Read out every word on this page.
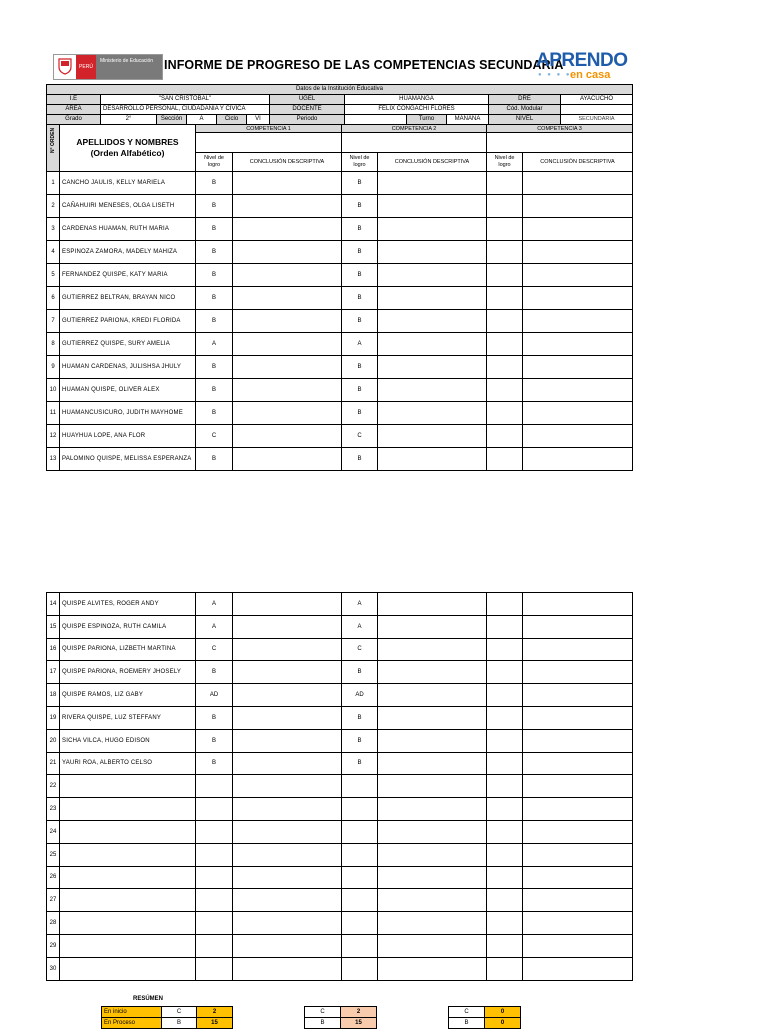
PERÚ
Ministerio de Educación INFORME DE PROGRESO DE LAS COMPETENCIAS SECUNDARIA
APRENDO
● ● ● ●
en casa
Datos de la Institución Educativa											
I.E	"SAN CRISTOBAL"					UGEL	HUAMANGA			DRE	AYACUCHO
ÁREA	DESARROLLO PERSONAL, CIUDADANIA Y CIVICA					DOCENTE	FELIX CONGACHI FLORES			Cód. Modular	
Grado	2°	Sección	A	Ciclo	VI	Periodo		Turno	MAÑANA	NIVEL	SECUNDARIA
N° ORDEN	APELLIDOS Y NOMBRES
(Orden Alfabético)	COMPETENCIA 1		COMPETENCIA 2		COMPETENCIA 3	

		Nivel de logro	CONCLUSIÓN DESCRIPTIVA	Nivel de logro	CONCLUSIÓN DESCRIPTIVA	Nivel de logro	CONCLUSIÓN DESCRIPTIVA
1	CANCHO JAULIS, KELLY MARIELA	B		B			
2	CAÑAHUIRI MENESES, OLGA LISETH	B		B			
3	CARDENAS HUAMAN, RUTH MARIA	B		B			
4	ESPINOZA ZAMORA, MADELY MAHIZA	B		B			
5	FERNANDEZ QUISPE, KATY MARIA	B		B			
6	GUTIERREZ BELTRAN, BRAYAN NICO	B		B			
7	GUTIERREZ PARIONA, KREDI FLORIDA	B		B			
8	GUTIERREZ QUISPE, SURY AMELIA	A		A			
9	HUAMAN CARDENAS, JULISHSA JHULY	B		B			
10	HUAMAN QUISPE, OLIVER ALEX	B		B			
11	HUAMANCUSICURO, JUDITH MAYHOME	B		B			
12	HUAYHUA LOPE, ANA FLOR	C		C			
13	PALOMINO QUISPE, MELISSA ESPERANZA	B		B			
14	QUISPE ALVITES, ROGER ANDY	A		A			
15	QUISPE ESPINOZA, RUTH CAMILA	A		A			
16	QUISPE PARIONA, LIZBETH MARTINA	C		C			
17	QUISPE PARIONA, ROEMERY JHOSELY	B		B			
18	QUISPE RAMOS, LIZ GABY	AD		AD			
19	RIVERA QUISPE, LUZ STEFFANY	B		B			
20	SICHA VILCA, HUGO EDISON	B		B			
21	YAURI ROA, ALBERTO CELSO	B		B			
22							
23							
24							
25							
26							
27							
28							
29							
30							
RESÚMEN
En inicio	C	2
En Proceso	B	15
C	2
B	15
C	0
B	0
